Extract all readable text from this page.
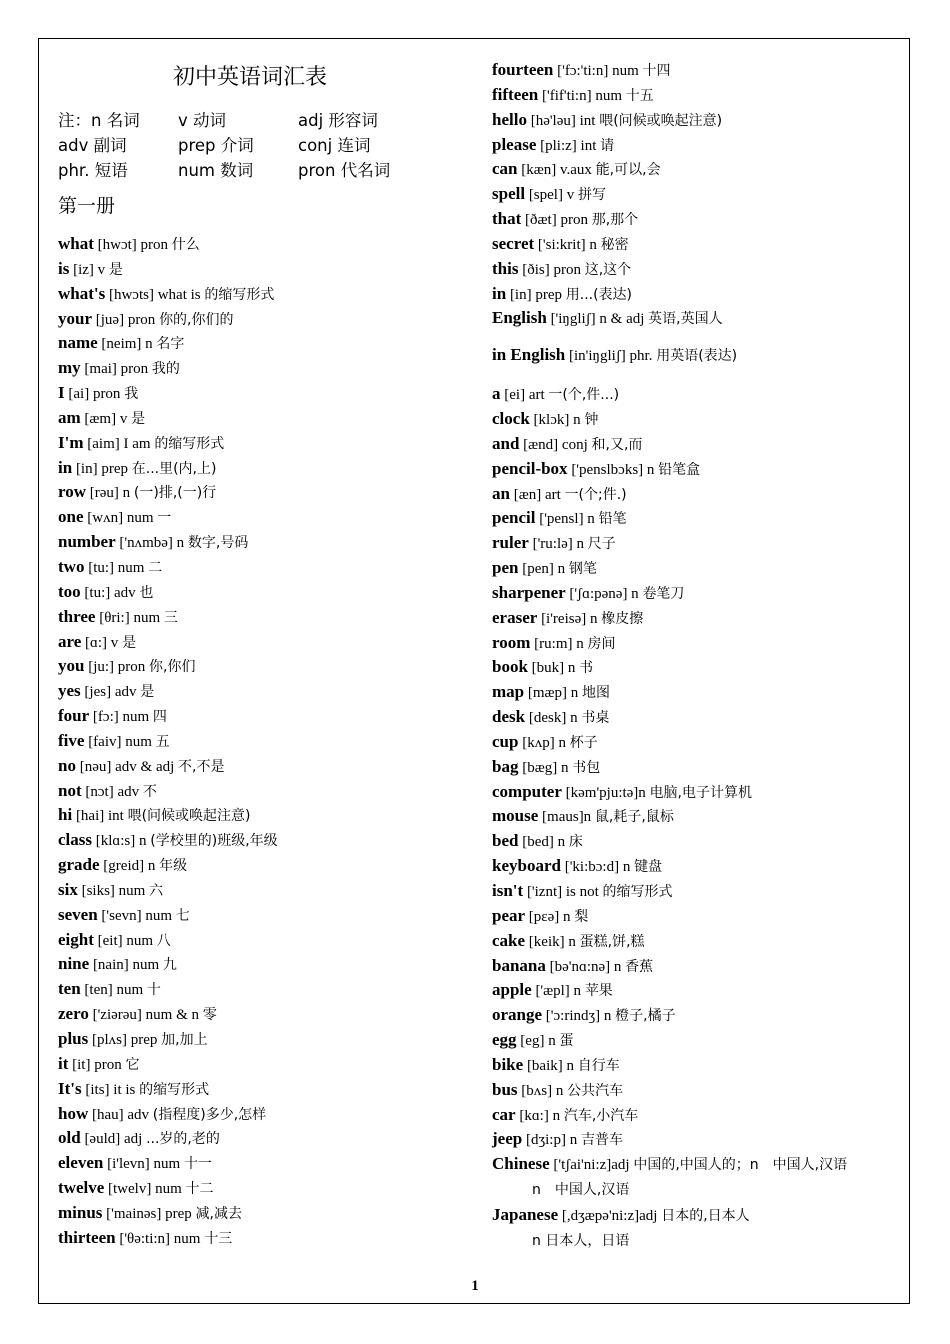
初中英语词汇表
注：n 名词	v 动词	adj 形容词
adv 副词	prep 介词	conj 连词
phr. 短语	num 数词	pron 代名词
第一册
what [hwɔt] pron 什么
is [iz] v 是
what's [hwɔts] what is 的缩写形式
your [juə] pron 你的,你们的
name [neim] n 名字
my [mai] pron 我的
I [ai] pron 我
am [æm] v 是
I'm [aim] I am 的缩写形式
in [in] prep 在...里(内,上)
row [rəu] n (一)排,(一)行
one [wʌn] num 一
number ['nʌmbə] n 数字,号码
two [tu:] num 二
too [tu:] adv 也
three [θri:] num 三
are [ɑ:] v 是
you [ju:] pron 你,你们
yes [jes] adv 是
four [fɔ:] num 四
five [faiv] num 五
no [nəu] adv & adj 不,不是
not [nɔt] adv 不
hi [hai] int 喂(问候或唤起注意)
class [klɑ:s] n (学校里的)班级,年级
grade [greid] n 年级
six [siks] num 六
seven ['sevn] num 七
eight [eit] num 八
nine [nain] num 九
ten [ten] num 十
zero ['ziərəu] num & n 零
plus [plʌs] prep 加,加上
it [it] pron 它
It's [its] it is 的缩写形式
how [hau] adv (指程度)多少,怎样
old [əuld] adj ...岁的,老的
eleven [i'levn] num 十一
twelve [twelv] num 十二
minus ['mainəs] prep 减,减去
thirteen ['θə:ti:n] num 十三
fourteen ['fɔ:'ti:n] num 十四
fifteen ['fif'ti:n] num 十五
hello [hə'ləu] int 喂(问候或唤起注意)
please [pli:z] int 请
can [kæn] v.aux 能,可以,会
spell [spel] v 拼写
that [ðæt] pron 那,那个
secret ['si:krit] n 秘密
this [ðis] pron 这,这个
in [in] prep 用...(表达)
English ['iŋgliʃ] n & adj 英语,英国人
in English [in'iŋgliʃ] phr. 用英语(表达)
a [ei] art 一(个,件...)
clock [klɔk] n 钟
and [ænd] conj 和,又,而
pencil-box ['penslbɔks] n 铅笔盒
an [æn] art 一(个;件.)
pencil ['pensl] n 铅笔
ruler ['ru:lə] n 尺子
pen [pen] n 钢笔
sharpener ['ʃɑ:pənə] n 卷笔刀
eraser [i'reisə] n 橡皮擦
room [ru:m] n 房间
book [buk] n 书
map [mæp] n 地图
desk [desk] n 书桌
cup [kʌp] n 杯子
bag [bæg] n 书包
computer [kəm'pju:tə]n 电脑,电子计算机
mouse [maus]n 鼠,耗子,鼠标
bed [bed] n 床
keyboard ['ki:bɔ:d] n 键盘
isn't ['iznt] is not 的缩写形式
pear [pεə] n 梨
cake [keik] n 蛋糕,饼,糕
banana [bə'nɑ:nə] n 香蕉
apple ['æpl] n 苹果
orange ['ɔ:rindʒ] n 橙子,橘子
egg [eg] n 蛋
bike [baik] n 自行车
bus [bʌs] n 公共汽车
car [kɑ:] n 汽车,小汽车
jeep [dʒi:p] n 吉普车
Chinese ['tʃai'ni:z]adj 中国的,中国人的；n　中国人,汉语
n　中国人,汉语
Japanese [,dʒæpə'ni:z]adj 日本的,日本人
n 日本人，日语
1
